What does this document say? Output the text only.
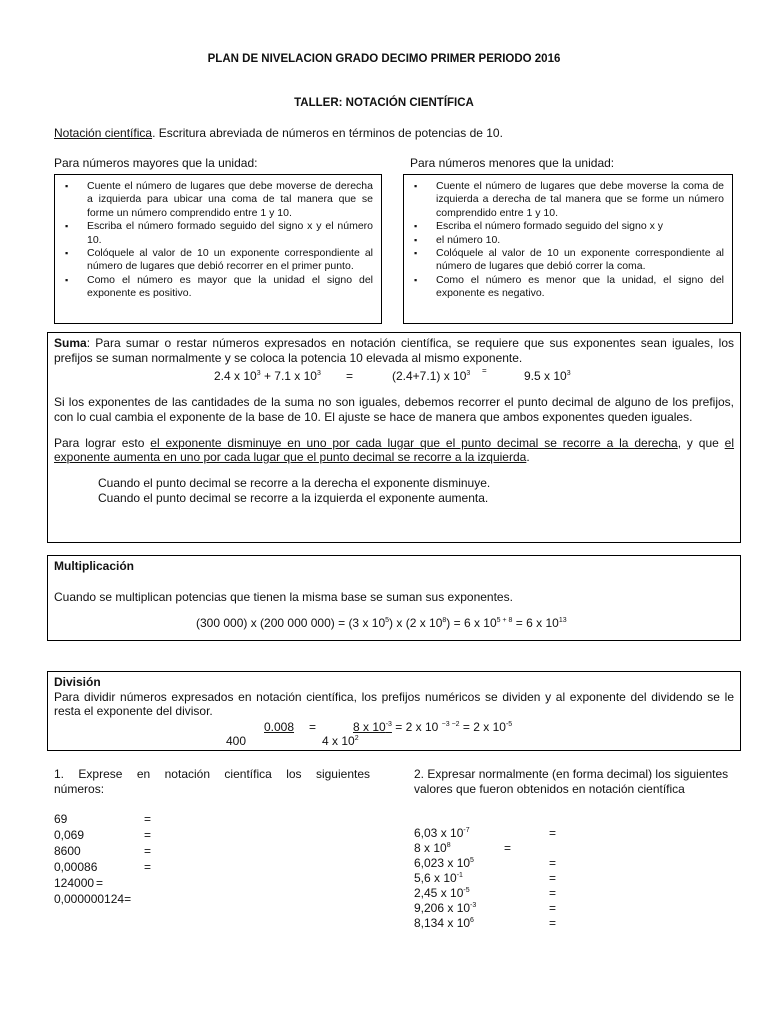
PLAN DE NIVELACION GRADO DECIMO PRIMER PERIODO 2016
TALLER: NOTACIÓN CIENTÍFICA
Notación científica. Escritura abreviada de números en términos de potencias de 10.
Para números mayores que la unidad:	Para números menores que la unidad:
▪ Cuente el número de lugares que debe moverse de derecha a izquierda para ubicar una coma de tal manera que se forme un número comprendido entre 1 y 10.
▪ Escriba el número formado seguido del signo x y el número 10.
▪ Colóquele al valor de 10 un exponente correspondiente al número de lugares que debió recorrer en el primer punto.
▪ Como el número es mayor que la unidad el signo del exponente es positivo.
▪ Cuente el número de lugares que debe moverse la coma de izquierda a derecha de tal manera que se forme un número comprendido entre 1 y 10.
▪ Escriba el número formado seguido del signo x y
▪ el número 10.
▪ Colóquele al valor de 10 un exponente correspondiente al número de lugares que debió correr la coma.
▪ Como el número es menor que la unidad, el signo del exponente es negativo.

Suma: Para sumar o restar números expresados en notación científica, se requiere que sus exponentes sean iguales, los prefijos se suman normalmente y se coloca la potencia 10 elevada al mismo exponente.

2.4 x $10^3 + 7.1$ x $10^3$ =	(2.4+7.1) x $10^3$ =	9.5 x $10^3$

Si los exponentes de las cantidades de la suma no son iguales, debemos recorrer el punto decimal de alguno de los prefijos, con lo cual cambia el exponente de la base de 10. El ajuste se hace de manera que ambos exponentes queden iguales.

Para lograr esto el exponente disminuye en uno por cada lugar que el punto decimal se recorre a la derecha, y que el exponente aumenta en uno por cada lugar que el punto decimal se recorre a la izquierda.

Cuando el punto decimal se recorre a la derecha el exponente disminuye.

Cuando el punto decimal se recorre a la izquierda el exponente aumenta.

Multiplicación

Cuando se multiplican potencias que tienen la misma base se suman sus exponentes.

(300 000) x (200 000 000) = (3 x $10^5$) x (2 x $10^8) = 6$ x $10^{5 + 8} = 6$ x $10^{13}$

División

Para dividir números expresados en notación científica, los prefijos numéricos se dividen y al exponente del dividendo se le resta el exponente del divisor.

0.008 =	8 x $10^{-3} = 2$ x 10 $^{-3 -2}$ = 2 x $10^{-5}$
400	4 x $10^2$
1. Exprese en notación científica los siguientes números:
69	=
0,069	=
8600	=
0,00086	=
124000 =
0,000000124=
2. Expresar normalmente (en forma decimal) los siguientes valores que fueron obtenidos en notación científica
6,03 x $10^{-7}$	=
8 x $10^8$	=
6,023 x $10^5$	=
5,6 x $10^{-1}$	=
2,45 x $10^{-5}$	=
9,206 x $10^{-3}$	=
8,134 x $10^6$	=
